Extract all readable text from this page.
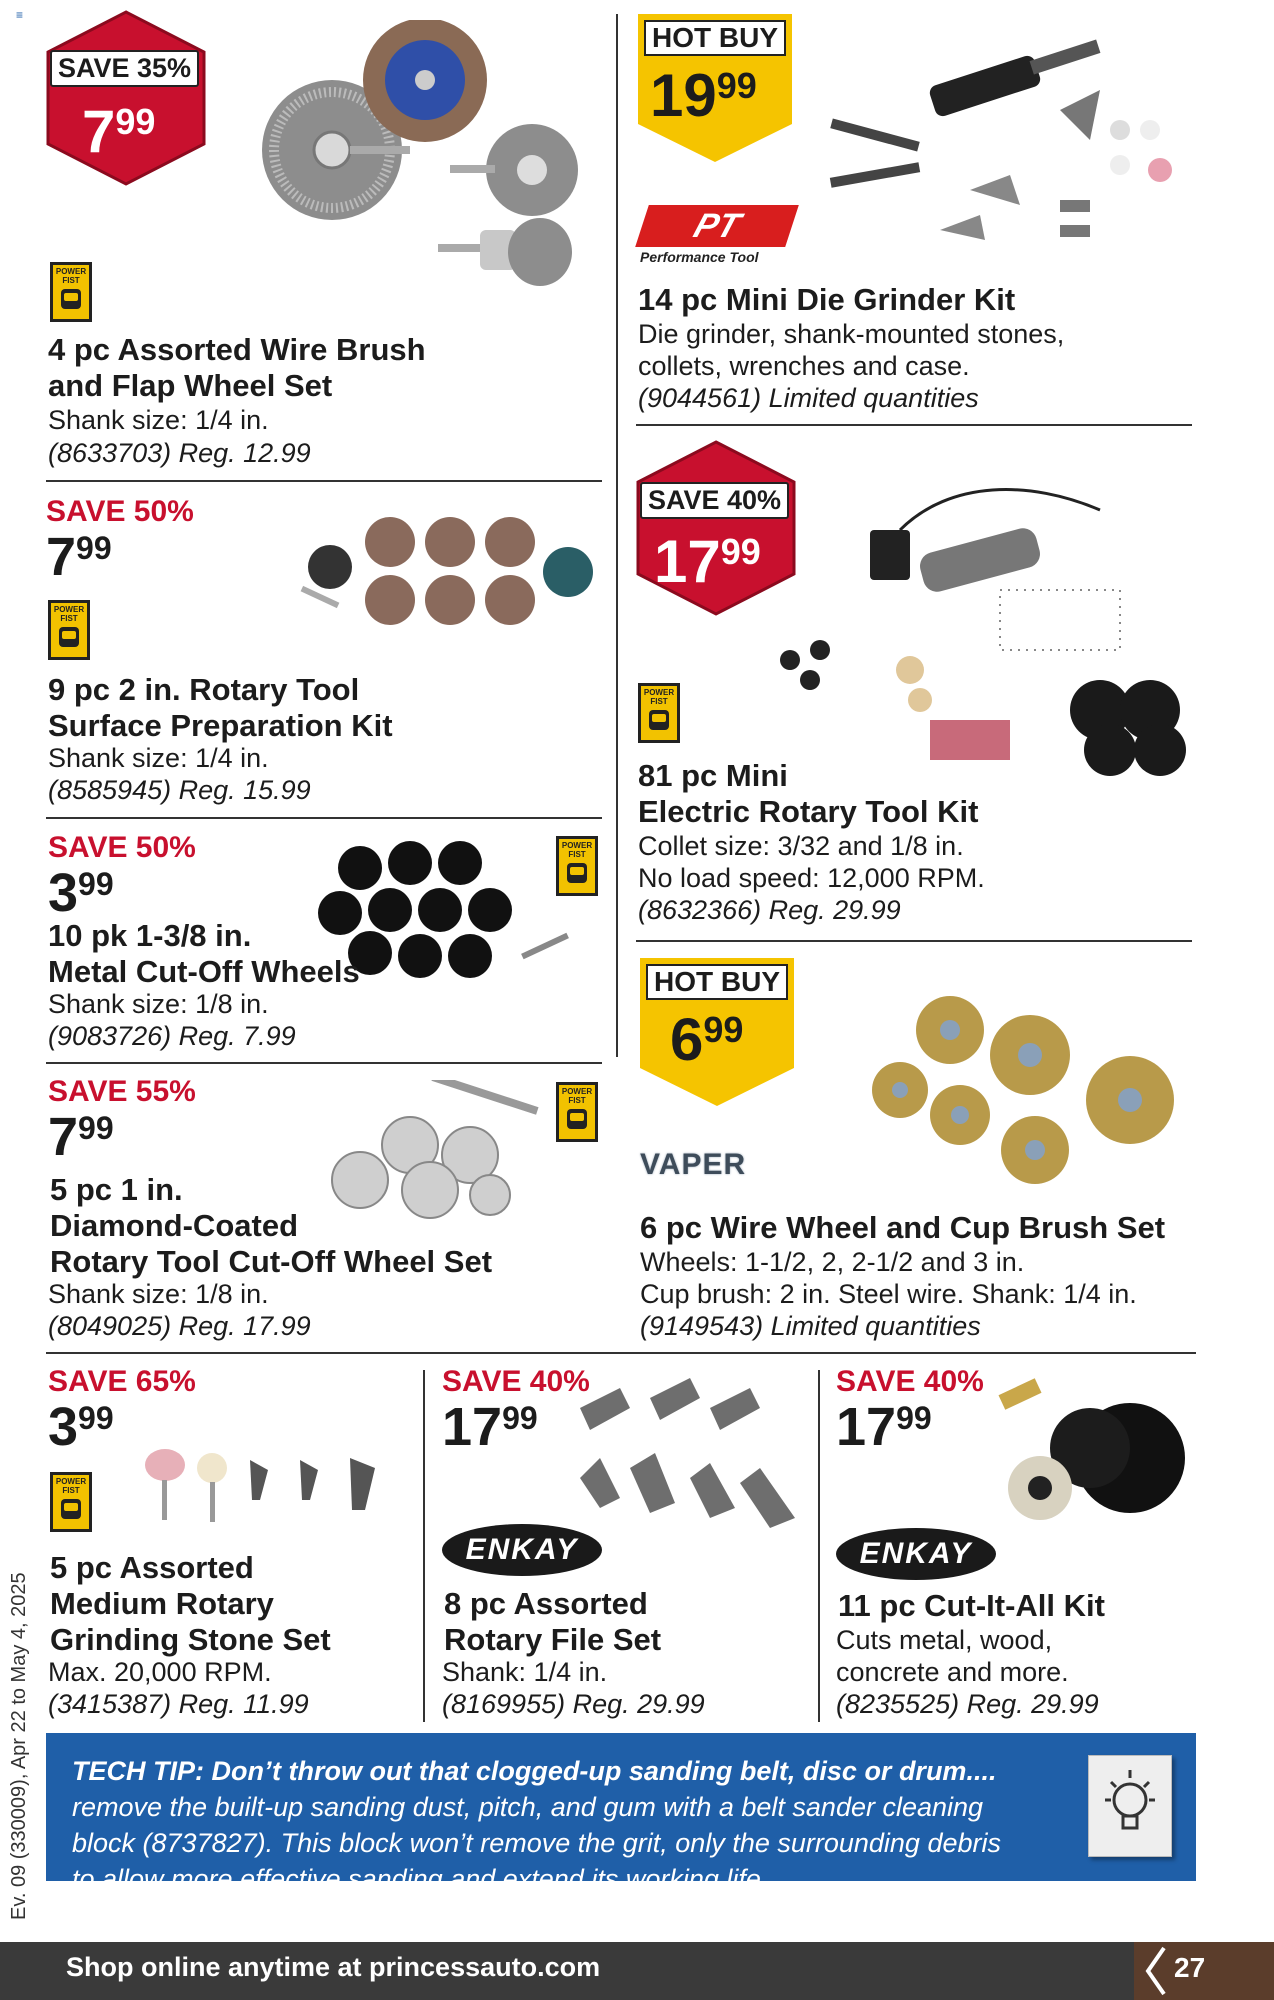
≡
SAVE 35%
799
POWER FIST
4 pc Assorted Wire Brush
and Flap Wheel Set
Shank size: 1/4 in.
(8633703) Reg. 12.99
HOT BUY
1999
PT
Performance Tool
14 pc Mini Die Grinder Kit
Die grinder, shank-mounted stones,
collets, wrenches and case.
(9044561) Limited quantities
SAVE 50%
799
POWER FIST
9 pc 2 in. Rotary Tool
Surface Preparation Kit
Shank size: 1/4 in.
(8585945) Reg. 15.99
SAVE 40%
1799
POWER FIST
81 pc Mini
Electric Rotary Tool Kit
Collet size: 3/32 and 1/8 in.
No load speed: 12,000 RPM.
(8632366) Reg. 29.99
SAVE 50%
399
POWER FIST
10 pk 1-3/8 in.
Metal Cut-Off Wheels
Shank size: 1/8 in.
(9083726) Reg. 7.99
HOT BUY
699
VAPER
6 pc Wire Wheel and Cup Brush Set
Wheels: 1-1/2, 2, 2-1/2 and 3 in.
Cup brush: 2 in. Steel wire. Shank: 1/4 in.
(9149543) Limited quantities
SAVE 55%
799
POWER FIST
5 pc 1 in.
Diamond-Coated
Rotary Tool Cut-Off Wheel Set
Shank size: 1/8 in.
(8049025) Reg. 17.99
SAVE 65%
399
POWER FIST
5 pc Assorted
Medium Rotary
Grinding Stone Set
Max. 20,000 RPM.
(3415387) Reg. 11.99
SAVE 40%
1799
ENKAY
8 pc Assorted
Rotary File Set
Shank: 1/4 in.
(8169955) Reg. 29.99
SAVE 40%
1799
ENKAY
11 pc Cut-It-All Kit
Cuts metal, wood,
concrete and more.
(8235525) Reg. 29.99
TECH TIP: Don’t throw out that clogged-up sanding belt, disc or drum....
remove the built-up sanding dust, pitch, and gum with a belt sander cleaning
block (8737827). This block won’t remove the grit, only the surrounding debris
to allow more effective sanding and extend its working life.
Ev. 09 (330009), Apr 22 to May 4, 2025
Shop online anytime at princessauto.com	27
